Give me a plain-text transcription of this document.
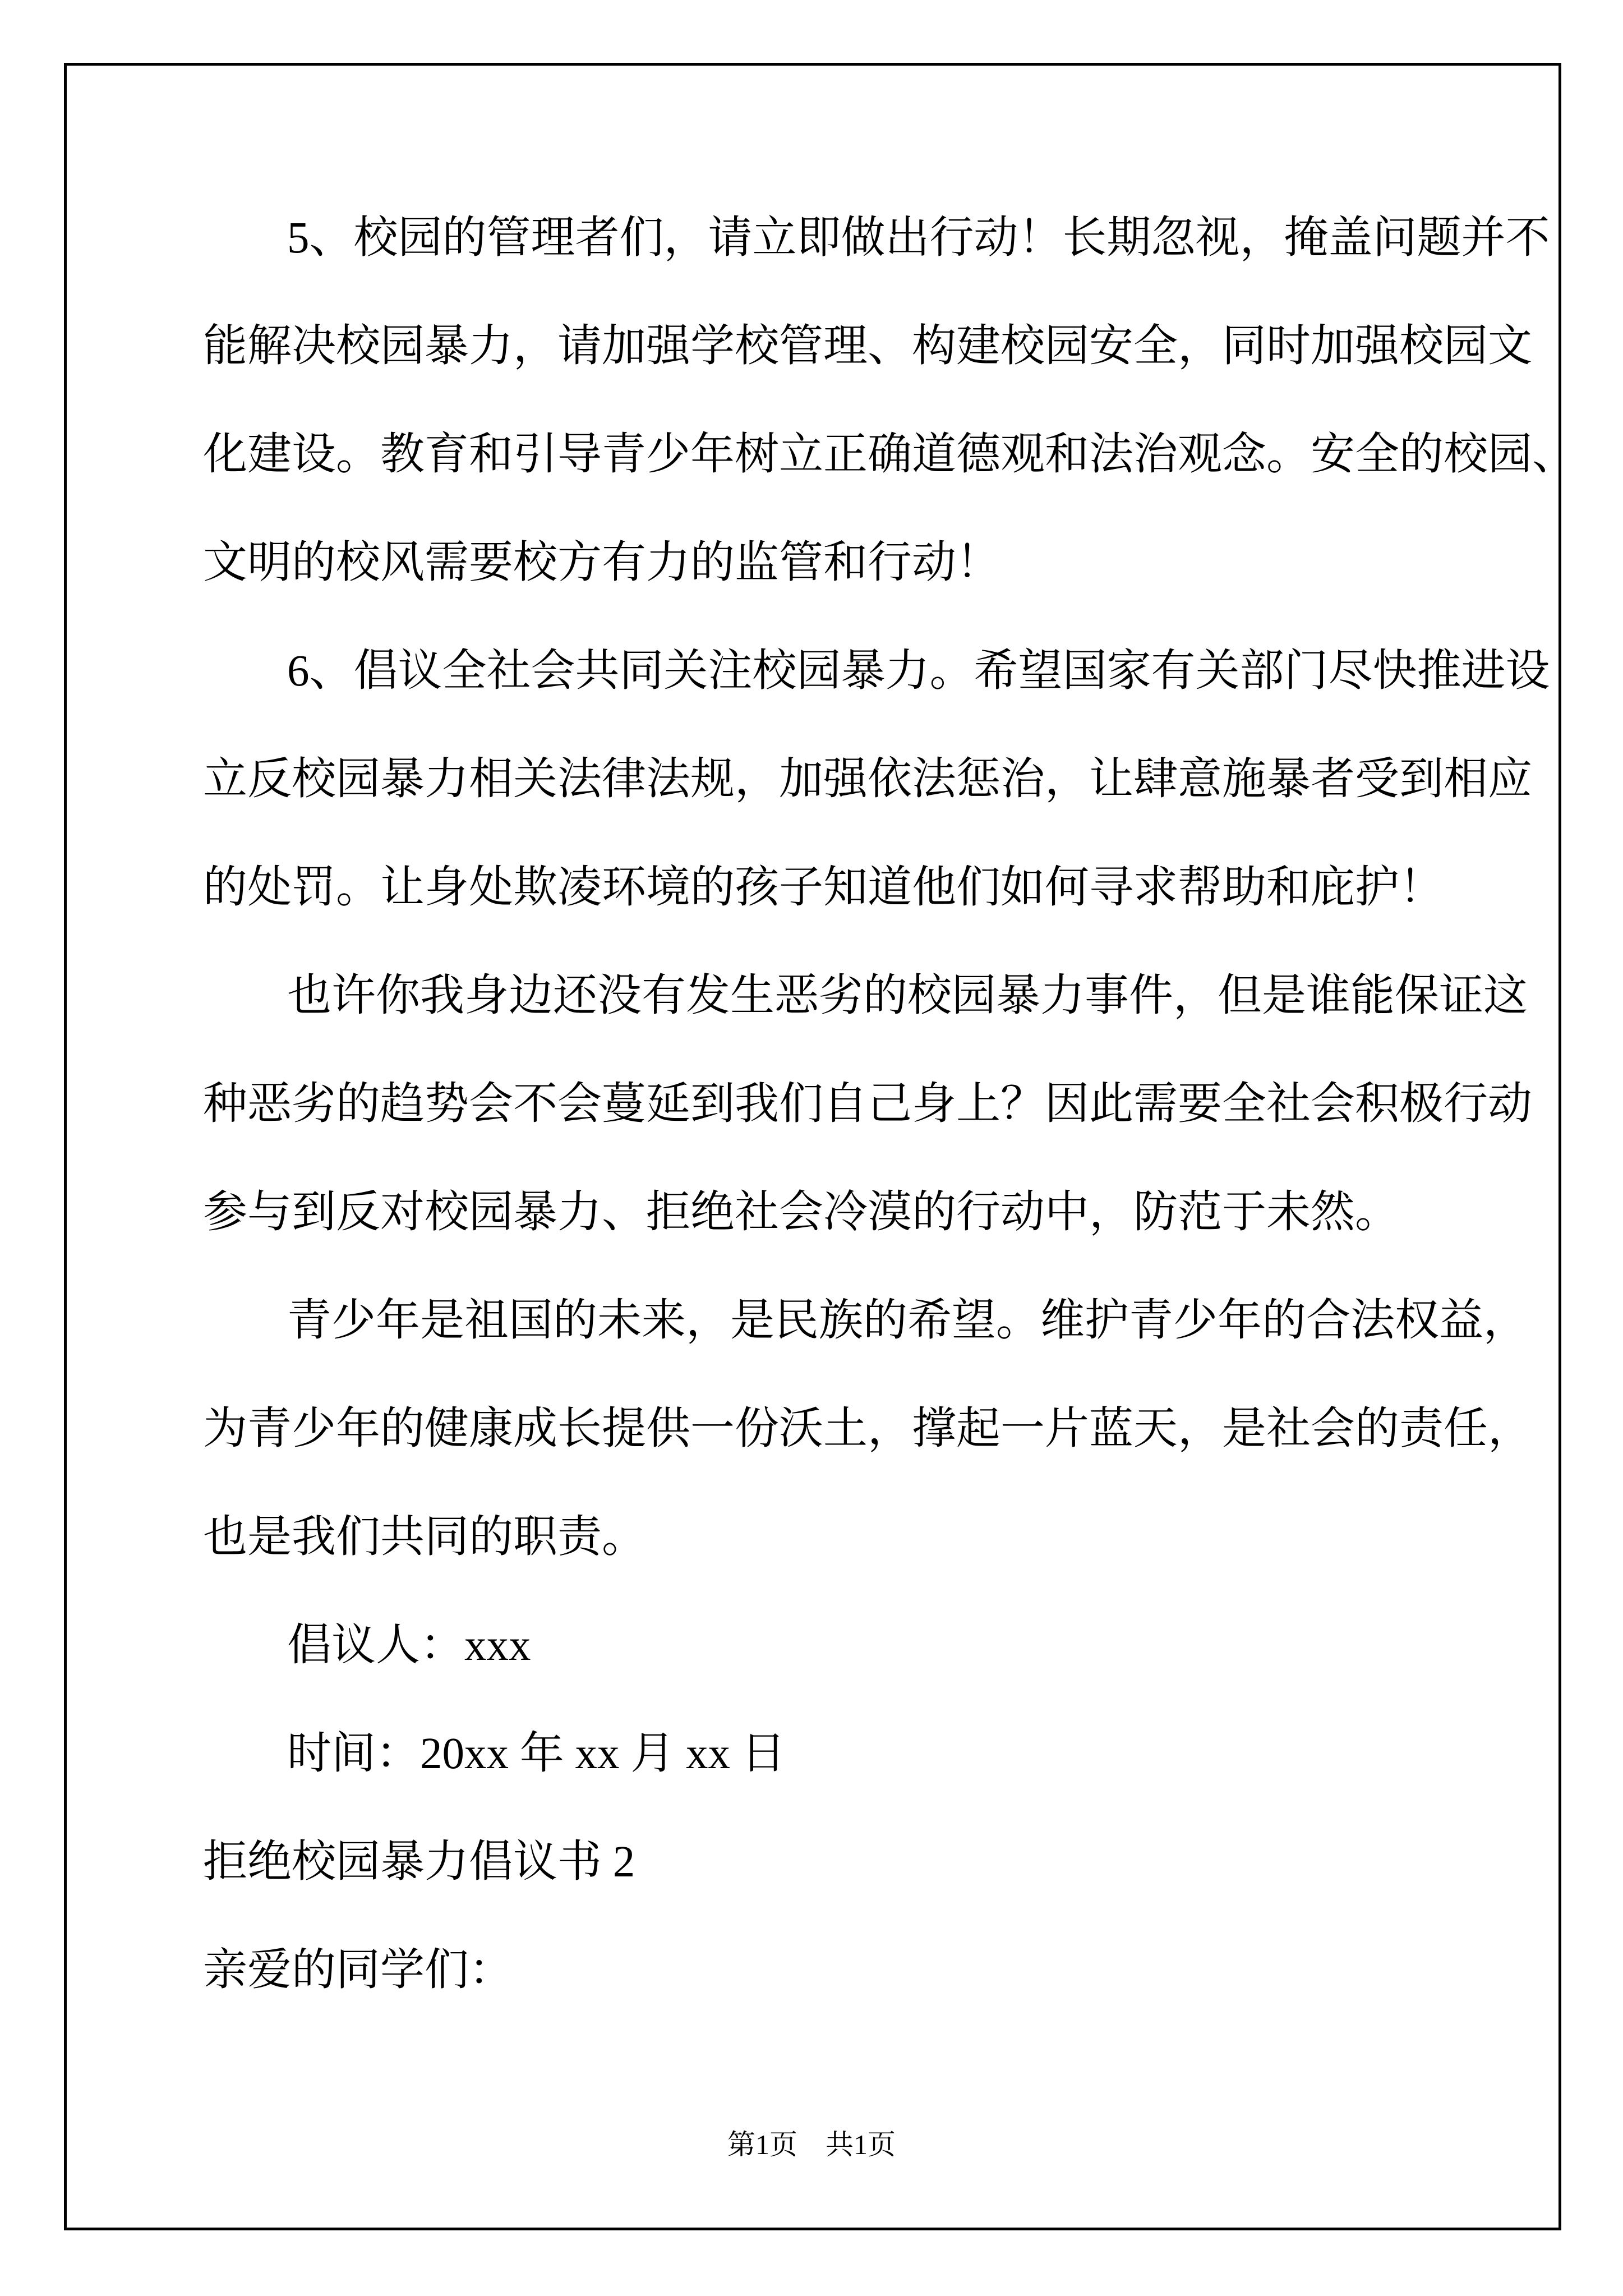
5、校园的管理者们，请立即做出行动！长期忽视，掩盖问题并不
能解决校园暴力，请加强学校管理、构建校园安全，同时加强校园文
化建设。教育和引导青少年树立正确道德观和法治观念。安全的校园、
文明的校风需要校方有力的监管和行动！
6、倡议全社会共同关注校园暴力。希望国家有关部门尽快推进设
立反校园暴力相关法律法规，加强依法惩治，让肆意施暴者受到相应
的处罚。让身处欺凌环境的孩子知道他们如何寻求帮助和庇护！
也许你我身边还没有发生恶劣的校园暴力事件，但是谁能保证这
种恶劣的趋势会不会蔓延到我们自己身上？因此需要全社会积极行动
参与到反对校园暴力、拒绝社会冷漠的行动中，防范于未然。
青少年是祖国的未来，是民族的希望。维护青少年的合法权益，
为青少年的健康成长提供一份沃土，撑起一片蓝天，是社会的责任，
也是我们共同的职责。
倡议人：xxx
时间：20xx 年 xx 月 xx 日
拒绝校园暴力倡议书 2
亲爱的同学们：
第1页　共1页
